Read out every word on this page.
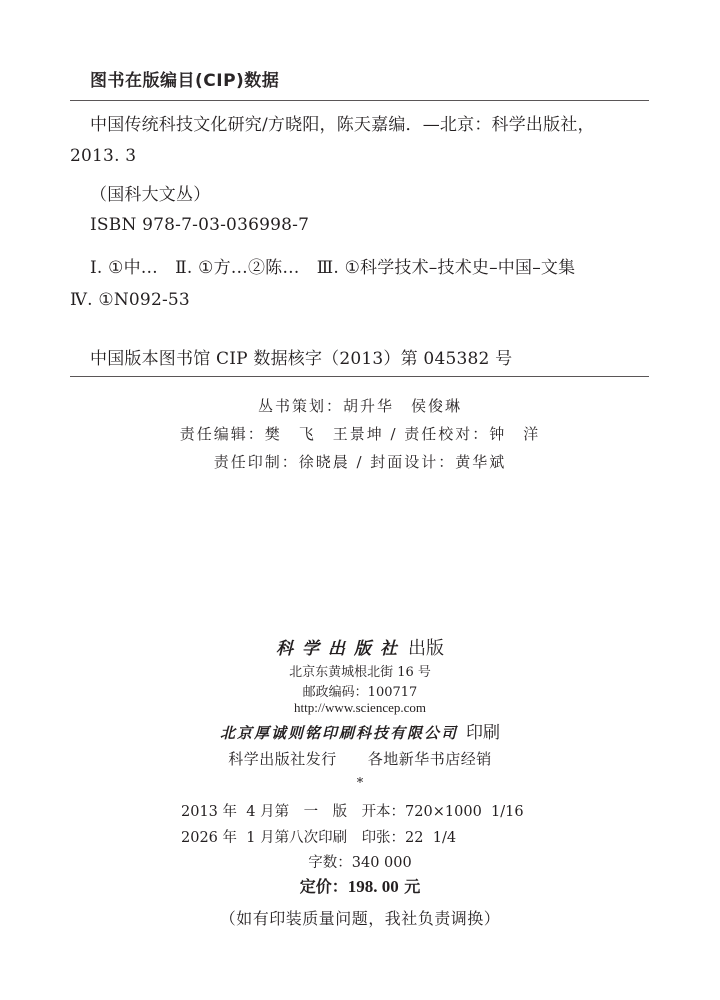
图书在版编目(CIP)数据
中国传统科技文化研究/方晓阳，陈天嘉编．—北京：科学出版社，
2013. 3
（国科大文丛）
ISBN 978-7-03-036998-7
Ⅰ. ①中…　Ⅱ. ①方…②陈…　Ⅲ. ①科学技术–技术史–中国–文集
Ⅳ. ①N092-53
中国版本图书馆 CIP 数据核字（2013）第 045382 号
丛书策划：胡升华　侯俊琳
责任编辑：樊　飞　王景坤 / 责任校对：钟　洋
责任印制：徐晓晨 / 封面设计：黄华斌
科学出版社 出版
北京东黄城根北街 16 号
邮政编码：100717
http://www.sciencep.com
北京厚诚则铭印刷科技有限公司 印刷
科学出版社发行　　各地新华书店经销
*
2013 年  4 月第　一　版　开本：720×1000  1/16
2026 年  1 月第八次印刷　印张：22  1/4
字数：340 000
定价：198. 00 元
（如有印装质量问题，我社负责调换）
